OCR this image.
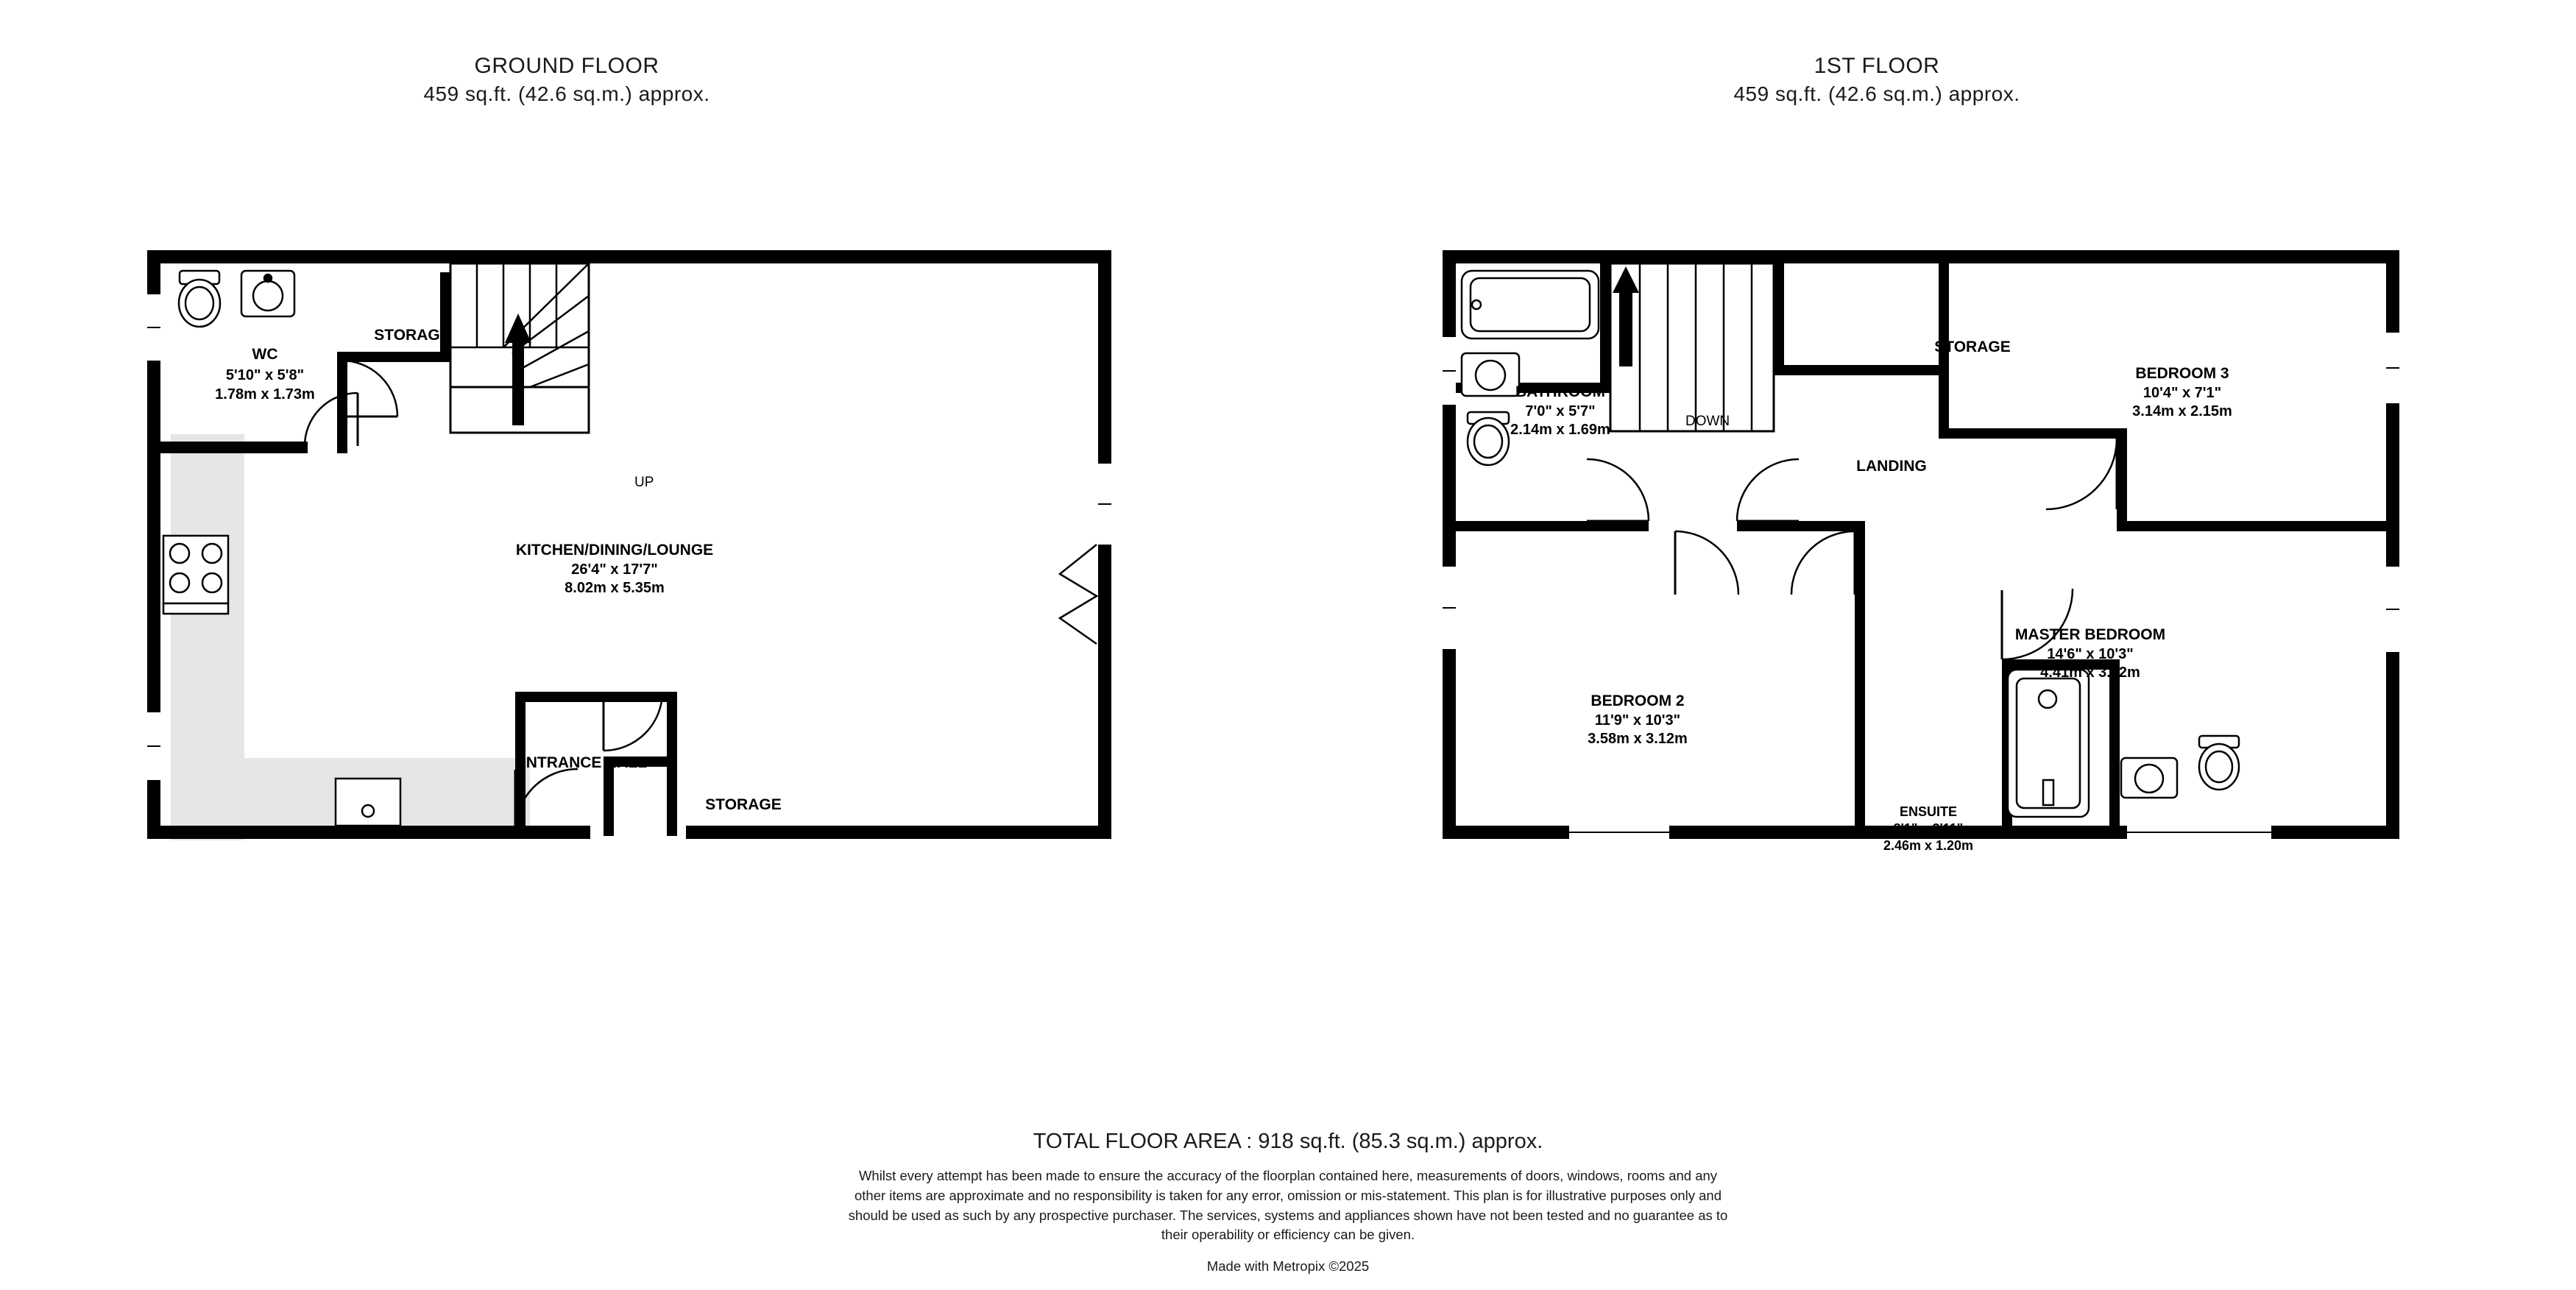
GROUND FLOOR
459 sq.ft. (42.6 sq.m.) approx.
1ST FLOOR
459 sq.ft. (42.6 sq.m.) approx.
WC
5'10" x 5'8"
1.78m x 1.73m
STORAGE
KITCHEN/DINING/LOUNGE
26'4" x 17'7"
8.02m x 5.35m
ENTRANCE HALL
STORAGE
UP
BATHROOM
7'0" x 5'7"
2.14m x 1.69m
STORAGE
BEDROOM 3
10'4" x 7'1"
3.14m x 2.15m
LANDING
DOWN
BEDROOM 2
11'9" x 10'3"
3.58m x 3.12m
MASTER BEDROOM
14'6" x 10'3"
4.41m x 3.12m
ENSUITE
8'1" x 3'11"
2.46m x 1.20m
TOTAL FLOOR AREA : 918 sq.ft. (85.3 sq.m.) approx.
Whilst every attempt has been made to ensure the accuracy of the floorplan contained here, measurements of doors, windows, rooms and any other items are approximate and no responsibility is taken for any error, omission or mis-statement. This plan is for illustrative purposes only and should be used as such by any prospective purchaser. The services, systems and appliances shown have not been tested and no guarantee as to their operability or efficiency can be given.
Made with Metropix ©2025
